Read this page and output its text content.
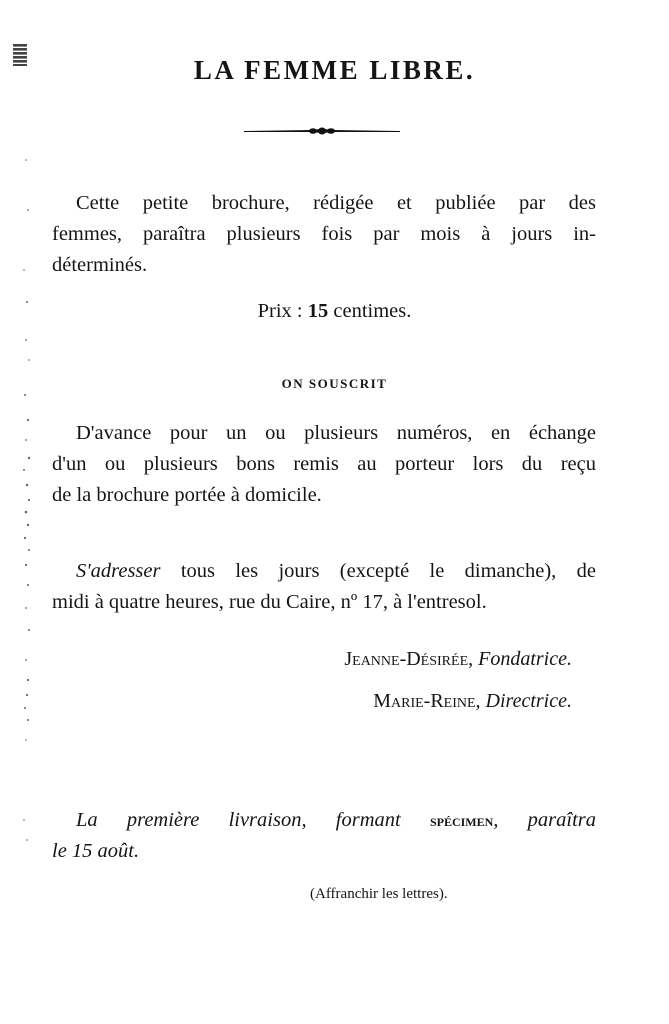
LA FEMME LIBRE.
Cette petite brochure, rédigée et publiée par des
femmes, paraîtra plusieurs fois par mois à jours in-
déterminés.
Prix : 15 centimes.
ON SOUSCRIT
D'avance pour un ou plusieurs numéros, en échange
d'un ou plusieurs bons remis au porteur lors du reçu
de la brochure portée à domicile.
S'adresser tous les jours (excepté le dimanche), de
midi à quatre heures, rue du Caire, nº 17, à l'entresol.
Jeanne-Désirée, Fondatrice.
Marie-Reine, Directrice.
La première livraison, formant spécimen, paraîtra
le 15 août.
(Affranchir les lettres).
